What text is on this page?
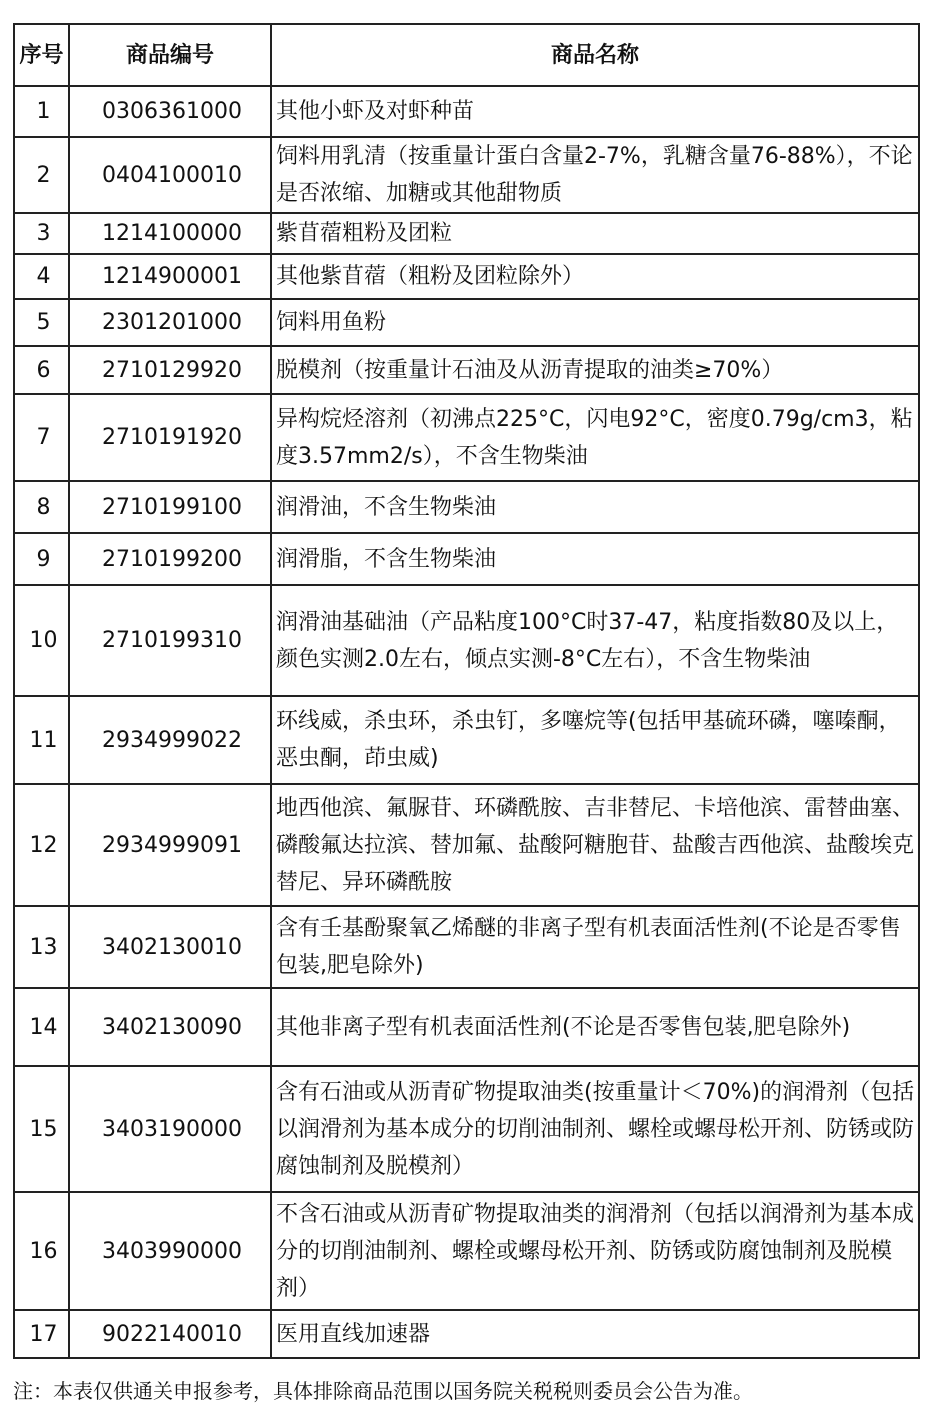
序号	商品编号	商品名称
1	0306361000	其他小虾及对虾种苗
2	0404100010	饲料用乳清（按重量计蛋白含量2-7%，乳糖含量76-88%），不论是否浓缩、加糖或其他甜物质
3	1214100000	紫苜蓿粗粉及团粒
4	1214900001	其他紫苜蓿（粗粉及团粒除外）
5	2301201000	饲料用鱼粉
6	2710129920	脱模剂（按重量计石油及从沥青提取的油类≥70%）
7	2710191920	异构烷烃溶剂（初沸点225°C，闪电92°C，密度0.79g/cm3，粘度3.57mm2/s），不含生物柴油
8	2710199100	润滑油，不含生物柴油
9	2710199200	润滑脂，不含生物柴油
10	2710199310	润滑油基础油（产品粘度100°C时37-47，粘度指数80及以上，颜色实测2.0左右，倾点实测-8°C左右），不含生物柴油
11	2934999022	环线威，杀虫环，杀虫钉，多噻烷等(包括甲基硫环磷，噻嗪酮，恶虫酮，茚虫威)
12	2934999091	地西他滨、氟脲苷、环磷酰胺、吉非替尼、卡培他滨、雷替曲塞、磷酸氟达拉滨、替加氟、盐酸阿糖胞苷、盐酸吉西他滨、盐酸埃克替尼、异环磷酰胺
13	3402130010	含有壬基酚聚氧乙烯醚的非离子型有机表面活性剂(不论是否零售包装,肥皂除外)
14	3402130090	其他非离子型有机表面活性剂(不论是否零售包装,肥皂除外)
15	3403190000	含有石油或从沥青矿物提取油类(按重量计＜70%)的润滑剂（包括以润滑剂为基本成分的切削油制剂、螺栓或螺母松开剂、防锈或防腐蚀制剂及脱模剂）
16	3403990000	不含石油或从沥青矿物提取油类的润滑剂（包括以润滑剂为基本成分的切削油制剂、螺栓或螺母松开剂、防锈或防腐蚀制剂及脱模剂）
17	9022140010	医用直线加速器
注：本表仅供通关申报参考，具体排除商品范围以国务院关税税则委员会公告为准。
